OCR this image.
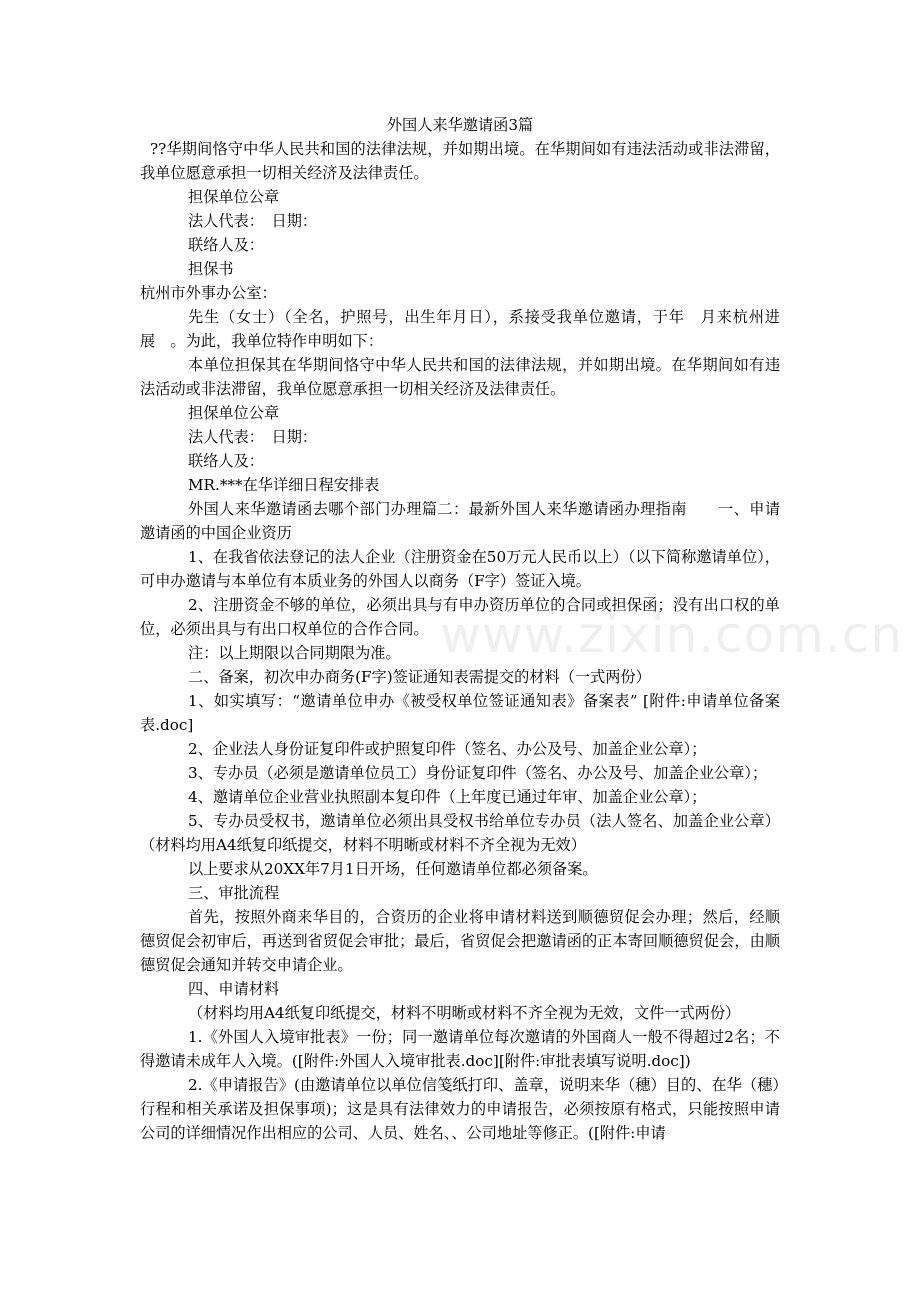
外国人来华邀请函3篇
??华期间恪守中华人民共和国的法律法规，并如期出境。在华期间如有违法活动或非法滞留，我单位愿意承担一切相关经济及法律责任。
担保单位公章
法人代表：　日期：
联络人及：
担保书
杭州市外事办公室：
先生（女士）（全名，护照号，出生年月日），系接受我单位邀请，于年　月来杭州进展　。为此，我单位特作申明如下：
本单位担保其在华期间恪守中华人民共和国的法律法规，并如期出境。在华期间如有违法活动或非法滞留，我单位愿意承担一切相关经济及法律责任。
担保单位公章
法人代表：　日期：
联络人及：
MR.***在华详细日程安排表
外国人来华邀请函去哪个部门办理篇二：最新外国人来华邀请函办理指南　　一、申请邀请函的中国企业资历
1、在我省依法登记的法人企业（注册资金在50万元人民币以上）（以下简称邀请单位），可申办邀请与本单位有本质业务的外国人以商务（F字）签证入境。
2、注册资金不够的单位，必须出具与有申办资历单位的合同或担保函；没有出口权的单位，必须出具与有出口权单位的合作合同。
注：以上期限以合同期限为准。
二、备案，初次申办商务(F字)签证通知表需提交的材料（一式两份）
1、如实填写：“邀请单位申办《被受权单位签证通知表》备案表” [附件:申请单位备案表.doc]
2、企业法人身份证复印件或护照复印件（签名、办公及号、加盖企业公章）；
3、专办员（必须是邀请单位员工）身份证复印件（签名、办公及号、加盖企业公章）；
4、邀请单位企业营业执照副本复印件（上年度已通过年审、加盖企业公章）；
5、专办员受权书，邀请单位必须出具受权书给单位专办员（法人签名、加盖企业公章）（材料均用A4纸复印纸提交，材料不明晰或材料不齐全视为无效）
以上要求从20XX年7月1日开场，任何邀请单位都必须备案。
三、审批流程
首先，按照外商来华目的，合资历的企业将申请材料送到顺德贸促会办理；然后，经顺德贸促会初审后，再送到省贸促会审批；最后，省贸促会把邀请函的正本寄回顺德贸促会，由顺德贸促会通知并转交申请企业。
四、申请材料
（材料均用A4纸复印纸提交，材料不明晰或材料不齐全视为无效，文件一式两份）
1.《外国人入境审批表》一份；同一邀请单位每次邀请的外国商人一般不得超过2名；不得邀请未成年人入境。([附件:外国人入境审批表.doc][附件:审批表填写说明.doc])
2.《申请报告》(由邀请单位以单位信笺纸打印、盖章，说明来华（穗）目的、在华（穗）行程和相关承诺及担保事项)；这是具有法律效力的申请报告，必须按原有格式，只能按照申请公司的详细情况作出相应的公司、人员、姓名、、公司地址等修正。([附件:申请
www.zixin.com.cn
